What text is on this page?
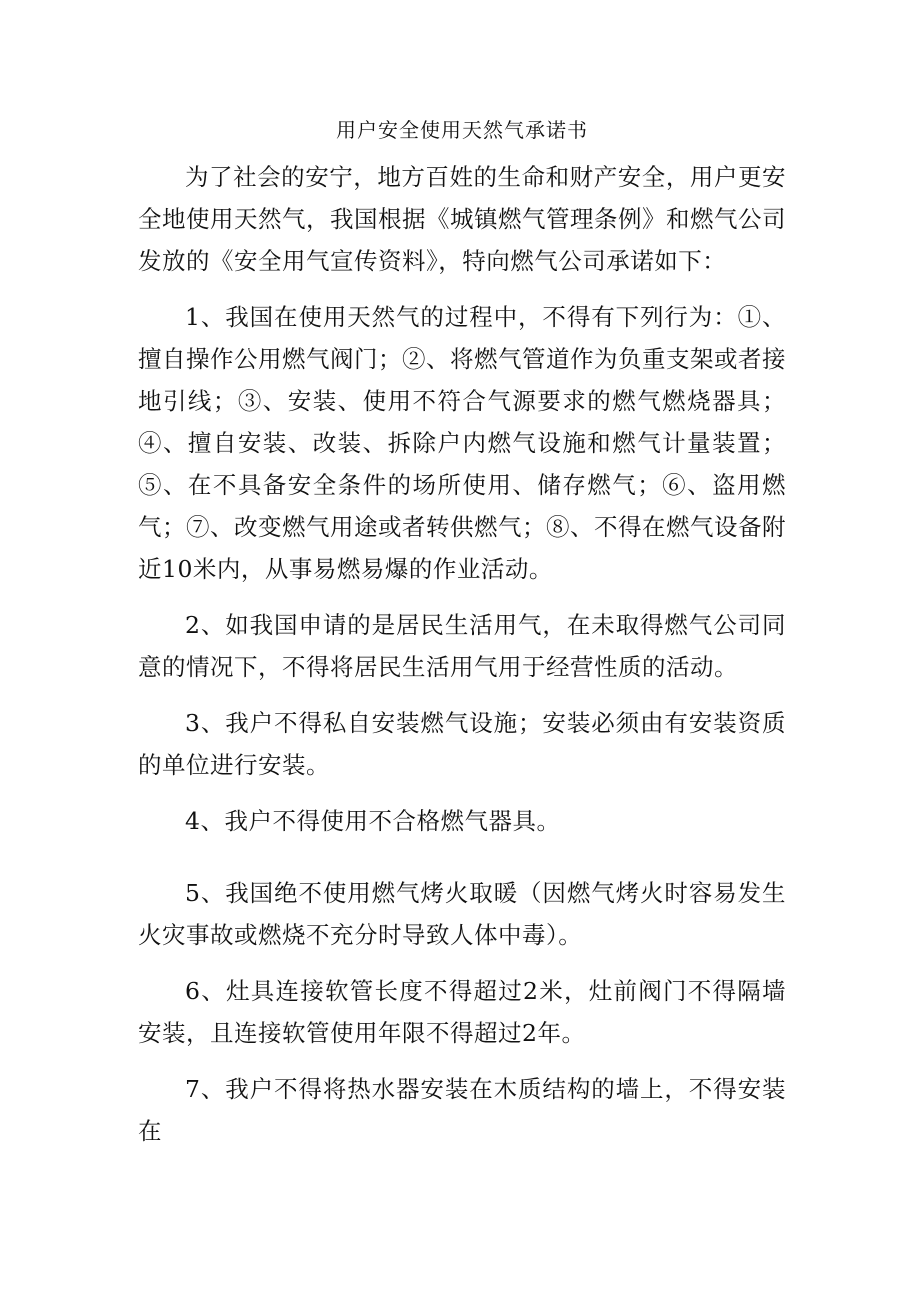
用户安全使用天然气承诺书

为了社会的安宁，地方百姓的生命和财产安全，用户更安全地使用天然气，我国根据《城镇燃气管理条例》和燃气公司发放的《安全用气宣传资料》，特向燃气公司承诺如下：

1、我国在使用天然气的过程中，不得有下列行为：①、擅自操作公用燃气阀门；②、将燃气管道作为负重支架或者接地引线；③、安装、使用不符合气源要求的燃气燃烧器具；④、擅自安装、改装、拆除户内燃气设施和燃气计量装置；⑤、在不具备安全条件的场所使用、储存燃气；⑥、盗用燃气；⑦、改变燃气用途或者转供燃气；⑧、不得在燃气设备附近10米内，从事易燃易爆的作业活动。

2、如我国申请的是居民生活用气，在未取得燃气公司同意的情况下，不得将居民生活用气用于经营性质的活动。

3、我户不得私自安装燃气设施；安装必须由有安装资质的单位进行安装。

4、我户不得使用不合格燃气器具。

5、我国绝不使用燃气烤火取暖（因燃气烤火时容易发生火灾事故或燃烧不充分时导致人体中毒）。

6、灶具连接软管长度不得超过2米，灶前阀门不得隔墙安装，且连接软管使用年限不得超过2年。

7、我户不得将热水器安装在木质结构的墙上，不得安装在
